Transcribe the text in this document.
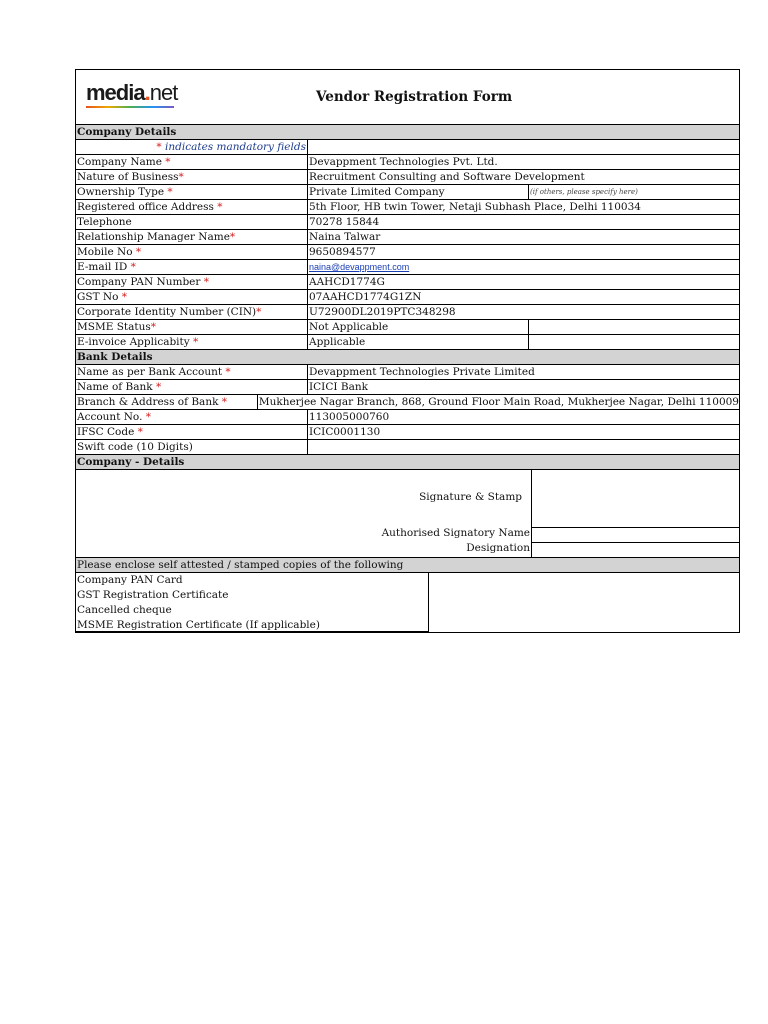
media.net	Vendor Registration Form
Company Details
* indicates mandatory fields
Company Name *	Devappment Technologies Pvt. Ltd.
Nature of Business*	Recruitment Consulting and Software Development
Ownership Type *	Private Limited Company	(if others, please specify here)
Registered office Address *	5th Floor, HB twin Tower, Netaji Subhash Place, Delhi 110034
Telephone	70278 15844
Relationship Manager Name*	Naina Talwar
Mobile No *	9650894577
E-mail ID *	naina@devappment.com
Company PAN Number *	AAHCD1774G
GST No *	07AAHCD1774G1ZN
Corporate Identity Number (CIN)*	U72900DL2019PTC348298
MSME Status*	Not Applicable
E-invoice Applicabity *	Applicable
Bank Details
Name as per Bank Account *	Devappment Technologies Private Limited
Name of Bank *	ICICI Bank
Branch & Address of Bank *	Mukherjee Nagar Branch, 868, Ground Floor Main Road, Mukherjee Nagar, Delhi 110009
Account No. *	113005000760
IFSC Code *	ICIC0001130
Swift code (10 Digits)
Company - Details
Signature & Stamp
Authorised Signatory Name
Designation
Please enclose self attested / stamped copies of the following
Company PAN Card
GST Registration Certificate
Cancelled cheque
MSME Registration Certificate (If applicable)
